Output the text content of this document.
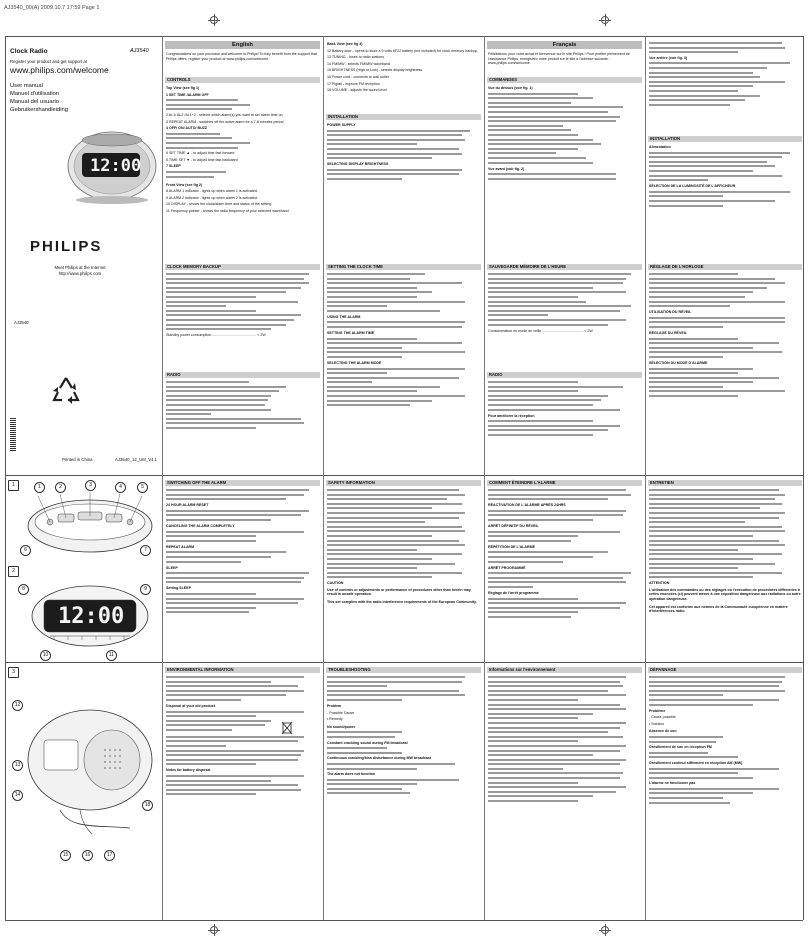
AJ3540_00(A) 2009.10.7 17:59 Page 1
Clock Radio	AJ3540
Register your product and get support at
www.philips.com/welcome
User manual
Manuel d'utilisation
Manual del usuario
Gebruikershandleiding
12:00
PHILIPS
Meet Philips at the Internet
http://www.philips.com
AJ3540
Printed in China	AJ3540_12_UM_V4.1
English

Congratulations on your purchase and welcome to Philips! To fully benefit from the support that Philips offers, register your product at www.philips.com/welcome.

CONTROLS

Top View (see fig 1)

1 SET TIME /ALARM OFF

2 AL1/ AL2 /AL1+2 - selects which alarm(s) you want to set alarm time on.

3 REPEAT ALARM - switches off the active alarm for a 7-8 minutes period

4 OFF/ ON/ AUTO/ BUZZ

5 SET TIME ▲ - to adjust time fast forward

6 TIME SET ▼ - to adjust time fast backward

7 SLEEP

Front View (see fig 2)

8 ALARM 1 indicator - lights up when alarm 1 is activated.

9 ALARM 2 indicator - lights up when alarm 2 is activated.

10 DISPLAY - shows the clock/alarm time and status of the setting

11 Frequency pointer - shows the radio frequency of your selected waveband

Back View (see fig 3)

12 Battery door - opens to store a 9 volts 6F22 battery (not included) for clock memory backup.

13 TUNING - tunes to radio stations

14 FM/MW - selects FM/MW waveband

15 BRIGHTNESS (High or Low) - selects display brightness

16 Power cord - connects to wall outlet

17 Pigtail - improve FM reception

18 VOLUME - adjusts the sound level

INSTALLATION

POWER SUPPLY

SELECTING DISPLAY BRIGHTNESS

Français

Félicitations pour votre achat et bienvenue sur le site Philips ! Pour profiter pleinement de l'assistance Philips, enregistrez votre produit sur le site à l'adresse suivante : www.philips.com/welcome.

COMMANDES

Vue du dessus (voir fig. 1)

Vue avant (voir fig. 2)

Vue arrière (voir fig. 3)

INSTALLATION

Alimentation

SÉLECTION DE LA LUMINOSITÉ DE L'AFFICHEUR

CLOCK MEMORY BACKUP

Standby power consumption ............................................ < 2W

RADIO
SETTING THE CLOCK TIME

USING THE ALARM

SETTING THE ALARM TIME

SELECTING THE ALARM MODE

SAUVEGARDE MÉMOIRE DE L'HEURE

Consommation en mode de veille ......................................... < 2W

RADIO

Pour améliorer la réception

RÉGLAGE DE L'HORLOGE

UTILISATION DU RÉVEIL

RÉGLAGE DU RÉVEIL

SÉLECTION DU MODE D'ALARME

1	1	2	3	4	5
6	7
2
12:00
8	9
10	11
SWITCHING OFF THE ALARM

24 HOUR ALARM RESET

CANCELING THE ALARM COMPLETELY

REPEAT ALARM

SLEEP

Setting SLEEP

SAFETY INFORMATION

CAUTION

Use of controls or adjustments or performance of procedures other than herein may result in unsafe operation.

This set complies with the radio interference requirements of the European Community.

COMMENT ÉTEINDRE L'ALARME

RÉACTIVATION DE L'ALARME APRÈS 24HRS

ARRÊT DÉFINITIF DU RÉVEIL

RÉPÉTITION DE L'ALARME

ARRÊT PROGRAMMÉ

Réglage de l'arrêt programmé

ENTRETIEN

ATTENTION

L'utilisation des commandes ou des réglages ou l'exécution de procédures différentes à celles énoncées (ci) peuvent mener à une exposition dangereuse aux radiations ou autre opération dangereuse.

Cet appareil est conforme aux normes de la Communauté européenne en matière d'interférences radio.

3
12
13
14
15	16	17
18
ENVIRONMENTAL INFORMATION

Disposal of your old product

Notes for battery disposal

TROUBLESHOOTING

Problem

- Possible Cause

• Remedy

No sound/power

Constant crackling sound during FM broadcast

Continuous crackling/hiss disturbance during MW broadcast

The alarm does not function

Informations sur l'environnement	DÉPANNAGE

Problème

- Cause possible

• Solution

Absence de son

Grésillement de son en réception FM

Grésillement continu/ sifflement en réception AM (MW)

L'alarme ne fonctionne pas
